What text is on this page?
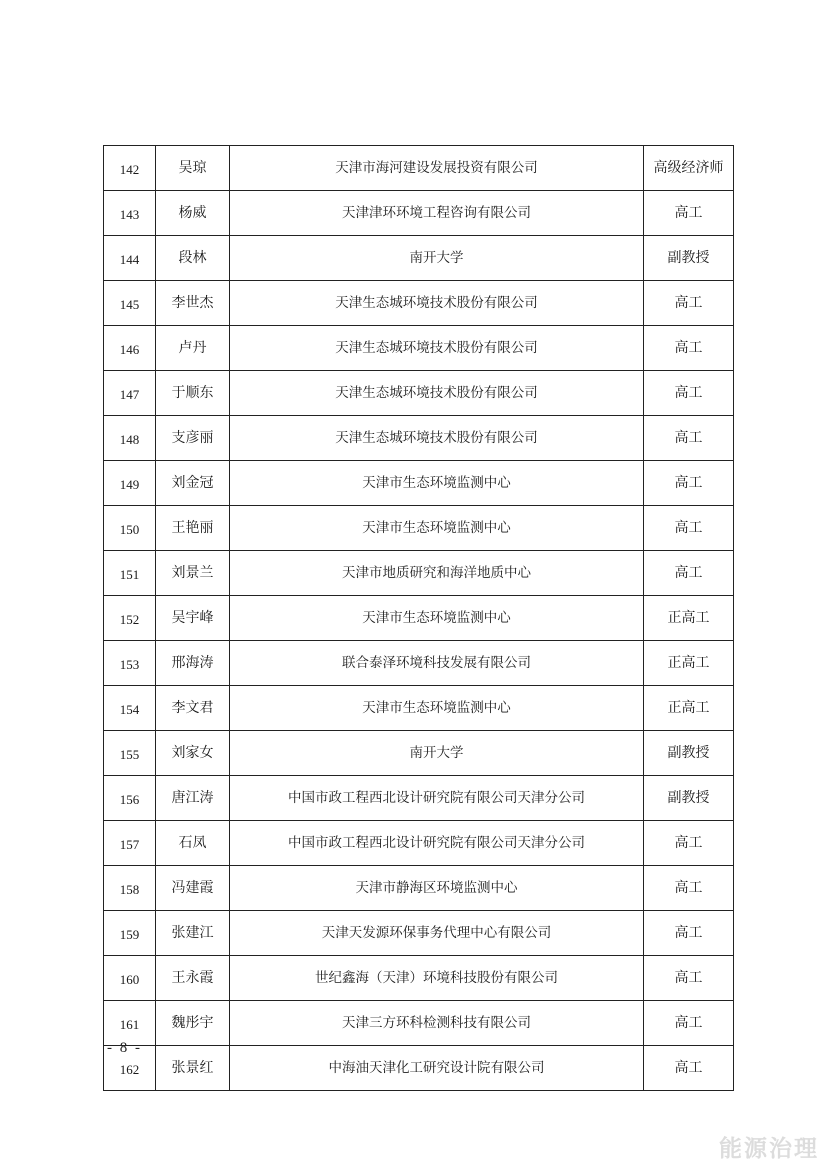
142	吴琼	天津市海河建设发展投资有限公司	高级经济师
143	杨威	天津津环环境工程咨询有限公司	高工
144	段林	南开大学	副教授
145	李世杰	天津生态城环境技术股份有限公司	高工
146	卢丹	天津生态城环境技术股份有限公司	高工
147	于顺东	天津生态城环境技术股份有限公司	高工
148	支彦丽	天津生态城环境技术股份有限公司	高工
149	刘金冠	天津市生态环境监测中心	高工
150	王艳丽	天津市生态环境监测中心	高工
151	刘景兰	天津市地质研究和海洋地质中心	高工
152	吴宇峰	天津市生态环境监测中心	正高工
153	邢海涛	联合泰泽环境科技发展有限公司	正高工
154	李文君	天津市生态环境监测中心	正高工
155	刘家女	南开大学	副教授
156	唐江涛	中国市政工程西北设计研究院有限公司天津分公司	副教授
157	石凤	中国市政工程西北设计研究院有限公司天津分公司	高工
158	冯建霞	天津市静海区环境监测中心	高工
159	张建江	天津天发源环保事务代理中心有限公司	高工
160	王永霞	世纪鑫海（天津）环境科技股份有限公司	高工
161	魏彤宇	天津三方环科检测科技有限公司	高工
162	张景红	中海油天津化工研究设计院有限公司	高工
- 8 -
能源治理
